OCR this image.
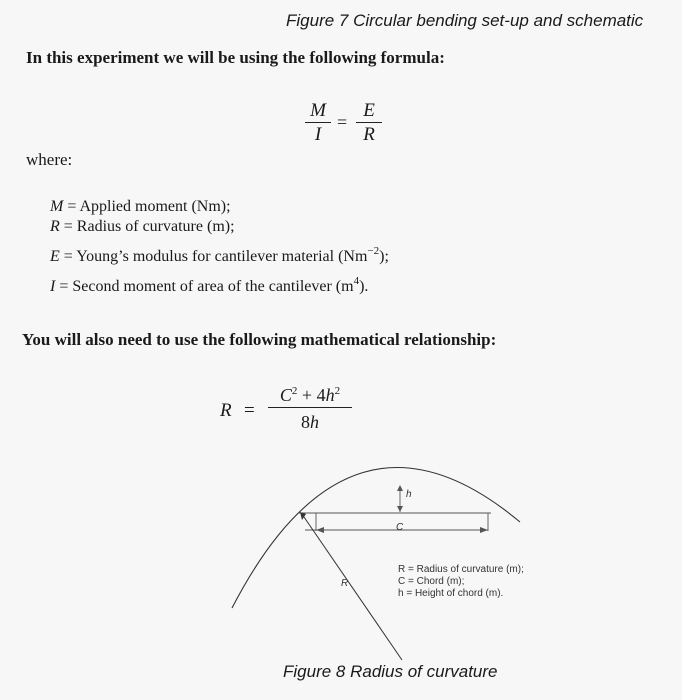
Figure 7 Circular bending set-up and schematic
In this experiment we will be using the following formula:
M
I
=
E
R
where:
M = Applied moment (Nm);
R = Radius of curvature (m);
E = Young’s modulus for cantilever material $(Nm^{-2})$;
I = Second moment of area of the cantilever $(m^4)$.
You will also need to use the following mathematical relationship:
R =
$C^2 + 4h^2$
8h
h
C
R
R = Radius of curvature (m);
C = Chord (m);
h = Height of chord (m).
Figure 8 Radius of curvature
